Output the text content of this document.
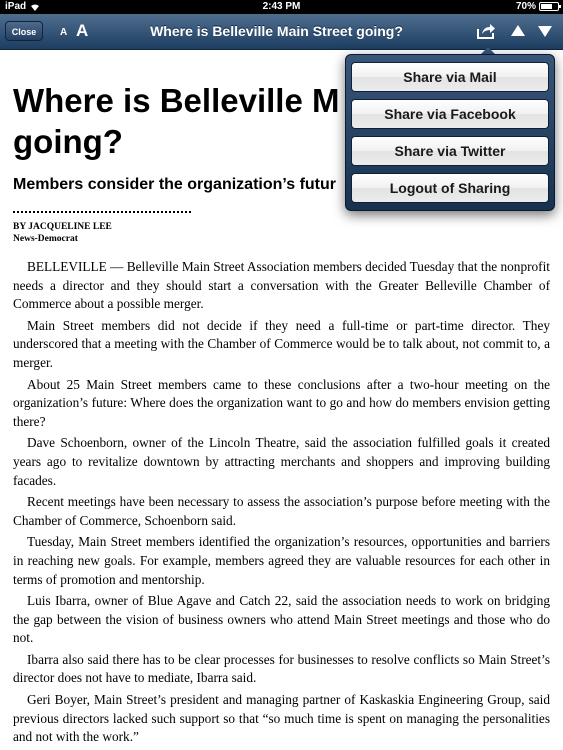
iPad	2:43 PM	70%
Close	A A	Where is Belleville Main Street going?
Where is Belleville M
going?
Members consider the organization’s futur
BY JACQUELINE LEE
News-Democrat

BELLEVILLE — Belleville Main Street Association members decided Tuesday that the nonprofit needs a director and they should start a conversation with the Greater Belleville Chamber of Commerce about a possible merger.

Main Street members did not decide if they need a full-time or part-time director. They underscored that a meeting with the Chamber of Commerce would be to talk about, not commit to, a merger.

About 25 Main Street members came to these conclusions after a two-hour meeting on the organization’s future: Where does the organization want to go and how do members envision getting there?

Dave Schoenborn, owner of the Lincoln Theatre, said the association fulfilled goals it created years ago to revitalize downtown by attracting merchants and shoppers and improving building facades.

Recent meetings have been necessary to assess the association’s purpose before meeting with the Chamber of Commerce, Schoenborn said.

Tuesday, Main Street members identified the organization’s resources, opportunities and barriers in reaching new goals. For example, members agreed they are valuable resources for each other in terms of promotion and mentorship.

Luis Ibarra, owner of Blue Agave and Catch 22, said the association needs to work on bridging the gap between the vision of business owners who attend Main Street meetings and those who do not.

Ibarra also said there has to be clear processes for businesses to resolve conflicts so Main Street’s director does not have to mediate, Ibarra said.

Geri Boyer, Main Street’s president and managing partner of Kaskaskia Engineering Group, said previous directors lacked such support so that “so much time is spent on managing the personalities and not with the work.”

Share via Mail
Share via Facebook
Share via Twitter
Logout of Sharing
